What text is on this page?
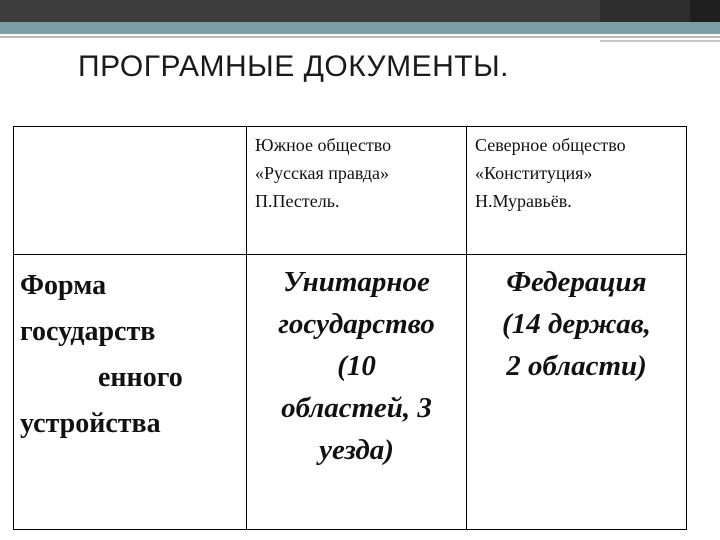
ПРОГРАМНЫЕ ДОКУМЕНТЫ.

	Южное общество
«Русская правда»
П.Пестель.	Северное общество
«Конституция»
Н.Муравьёв.

Форма
государств
енного
устройства	Унитарное
государство
(10
областей, 3
уезда)	Федерация
(14 держав,
2 области)
